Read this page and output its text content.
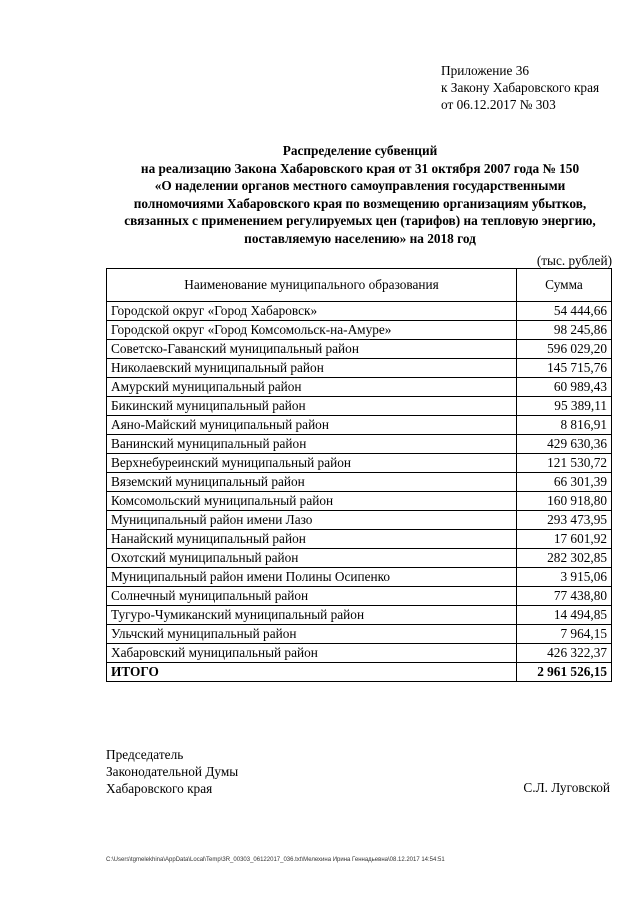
Приложение 36
к Закону Хабаровского края
от 06.12.2017 № 303
Распределение субвенций
на реализацию Закона Хабаровского края от 31 октября 2007 года № 150
«О наделении органов местного самоуправления государственными
полномочиями Хабаровского края по возмещению организациям убытков,
связанных с применением регулируемых цен (тарифов) на тепловую энергию,
поставляемую населению» на 2018 год
(тыс. рублей)
Наименование муниципального образования	Сумма
Городской округ «Город Хабаровск»	54 444,66
Городской округ «Город Комсомольск-на-Амуре»	98 245,86
Советско-Гаванский муниципальный район	596 029,20
Николаевский муниципальный район	145 715,76
Амурский муниципальный район	60 989,43
Бикинский муниципальный район	95 389,11
Аяно-Майский муниципальный район	8 816,91
Ванинский муниципальный район	429 630,36
Верхнебуреинский муниципальный район	121 530,72
Вяземский муниципальный район	66 301,39
Комсомольский муниципальный район	160 918,80
Муниципальный район имени Лазо	293 473,95
Нанайский муниципальный район	17 601,92
Охотский муниципальный район	282 302,85
Муниципальный район имени Полины Осипенко	3 915,06
Солнечный муниципальный район	77 438,80
Тугуро-Чумиканский муниципальный район	14 494,85
Ульчский муниципальный район	7 964,15
Хабаровский муниципальный район	426 322,37
ИТОГО	2 961 526,15
Председатель
Законодательной Думы
Хабаровского края	С.Л. Луговской
C:\Users\tgmelekhina\AppData\Local\Temp\3R_00303_06122017_036.txt\Мелехина Ирина Геннадьевна\08.12.2017 14:54:51
